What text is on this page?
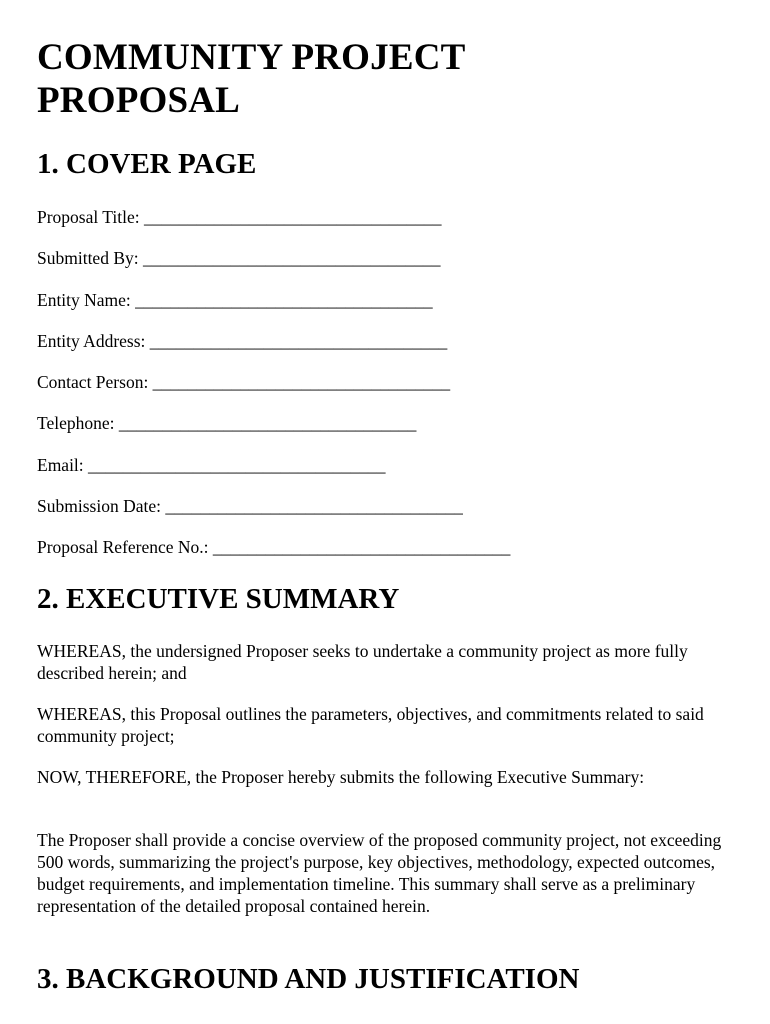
COMMUNITY PROJECT
PROPOSAL
1. COVER PAGE

Proposal Title: __________________________________

Submitted By: __________________________________

Entity Name: __________________________________

Entity Address: __________________________________

Contact Person: __________________________________

Telephone: __________________________________

Email: __________________________________

Submission Date: __________________________________

Proposal Reference No.: __________________________________

2. EXECUTIVE SUMMARY

WHEREAS, the undersigned Proposer seeks to undertake a community project as more fully described herein; and

WHEREAS, this Proposal outlines the parameters, objectives, and commitments related to said community project;

NOW, THEREFORE, the Proposer hereby submits the following Executive Summary:

The Proposer shall provide a concise overview of the proposed community project, not exceeding 500 words, summarizing the project's purpose, key objectives, methodology, expected outcomes, budget requirements, and implementation timeline. This summary shall serve as a preliminary representation of the detailed proposal contained herein.

3. BACKGROUND AND JUSTIFICATION
